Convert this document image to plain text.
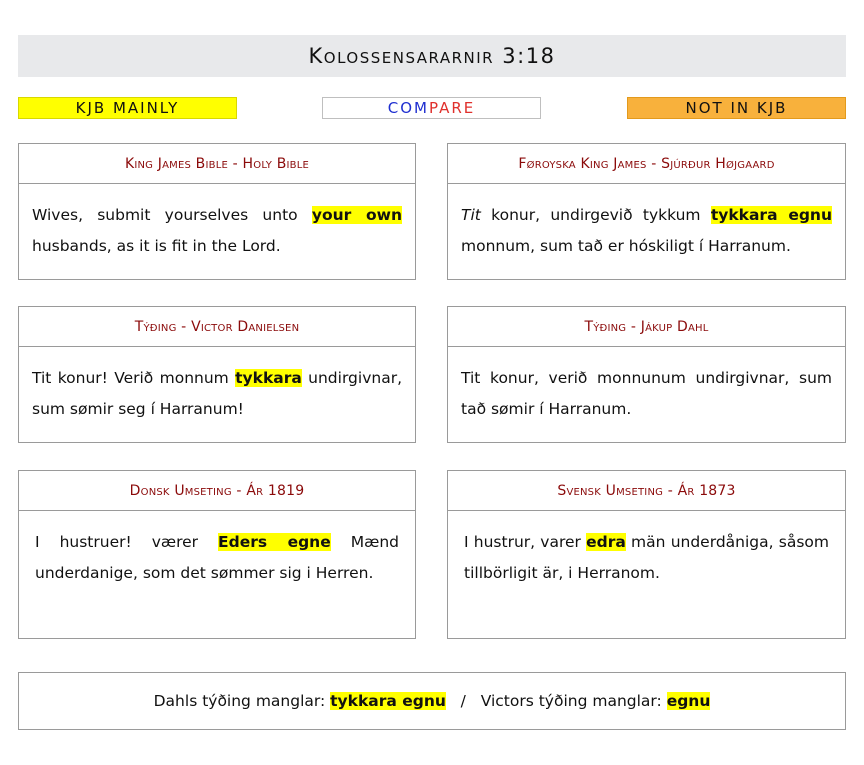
Kolossensararnir 3:18
KJB MAINLY	COM PARE	NOT IN KJB
King James Bible - Holy Bible
Wives, submit yourselves unto your own husbands, as it is fit in the Lord.
Føroyska King James - Sjúrður Højgaard
Tit konur, undirgevið tykkum tykkara egnu monnum, sum tað er hóskiligt í Harranum.
Týðing - Victor Danielsen
Tit konur! Verið monnum tykkara undirgivnar, sum sømir seg í Harranum!
Týðing - Jákup Dahl
Tit konur, verið monnunum undirgivnar, sum tað sømir í Harranum.
Donsk Umseting - Ár 1819
I hustruer! værer Eders egne Mænd underdanige, som det sømmer sig i Herren.
Svensk Umseting - Ár 1873
I hustrur, varer edra män underdåniga, såsom tillbörligit är, i Herranom.
Dahls týðing manglar: tykkara egnu / Victors týðing manglar: egnu
